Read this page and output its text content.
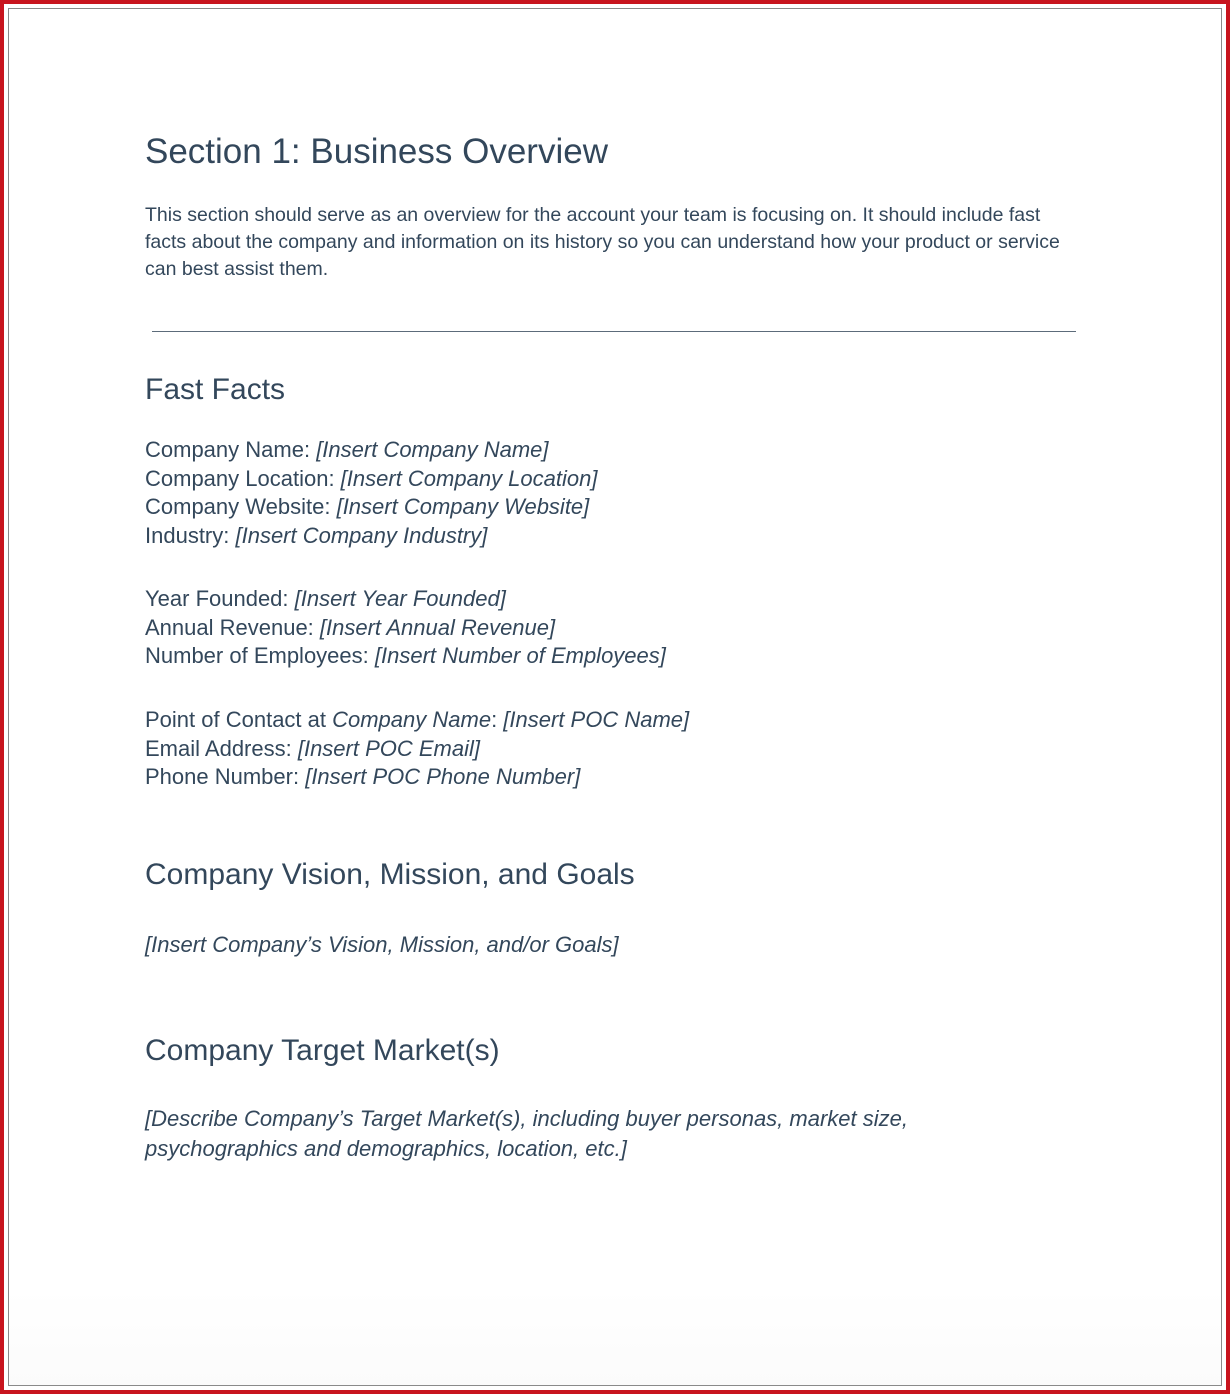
Section 1: Business Overview

This section should serve as an overview for the account your team is focusing on. It should include fast facts about the company and information on its history so you can understand how your product or service can best assist them.

Fast Facts
Company Name: [Insert Company Name]
Company Location: [Insert Company Location]
Company Website: [Insert Company Website]
Industry: [Insert Company Industry]
Year Founded: [Insert Year Founded]
Annual Revenue: [Insert Annual Revenue]
Number of Employees: [Insert Number of Employees]
Point of Contact at Company Name: [Insert POC Name]
Email Address: [Insert POC Email]
Phone Number: [Insert POC Phone Number]
Company Vision, Mission, and Goals

[Insert Company’s Vision, Mission, and/or Goals]

Company Target Market(s)

[Describe Company’s Target Market(s), including buyer personas, market size, psychographics and demographics, location, etc.]
